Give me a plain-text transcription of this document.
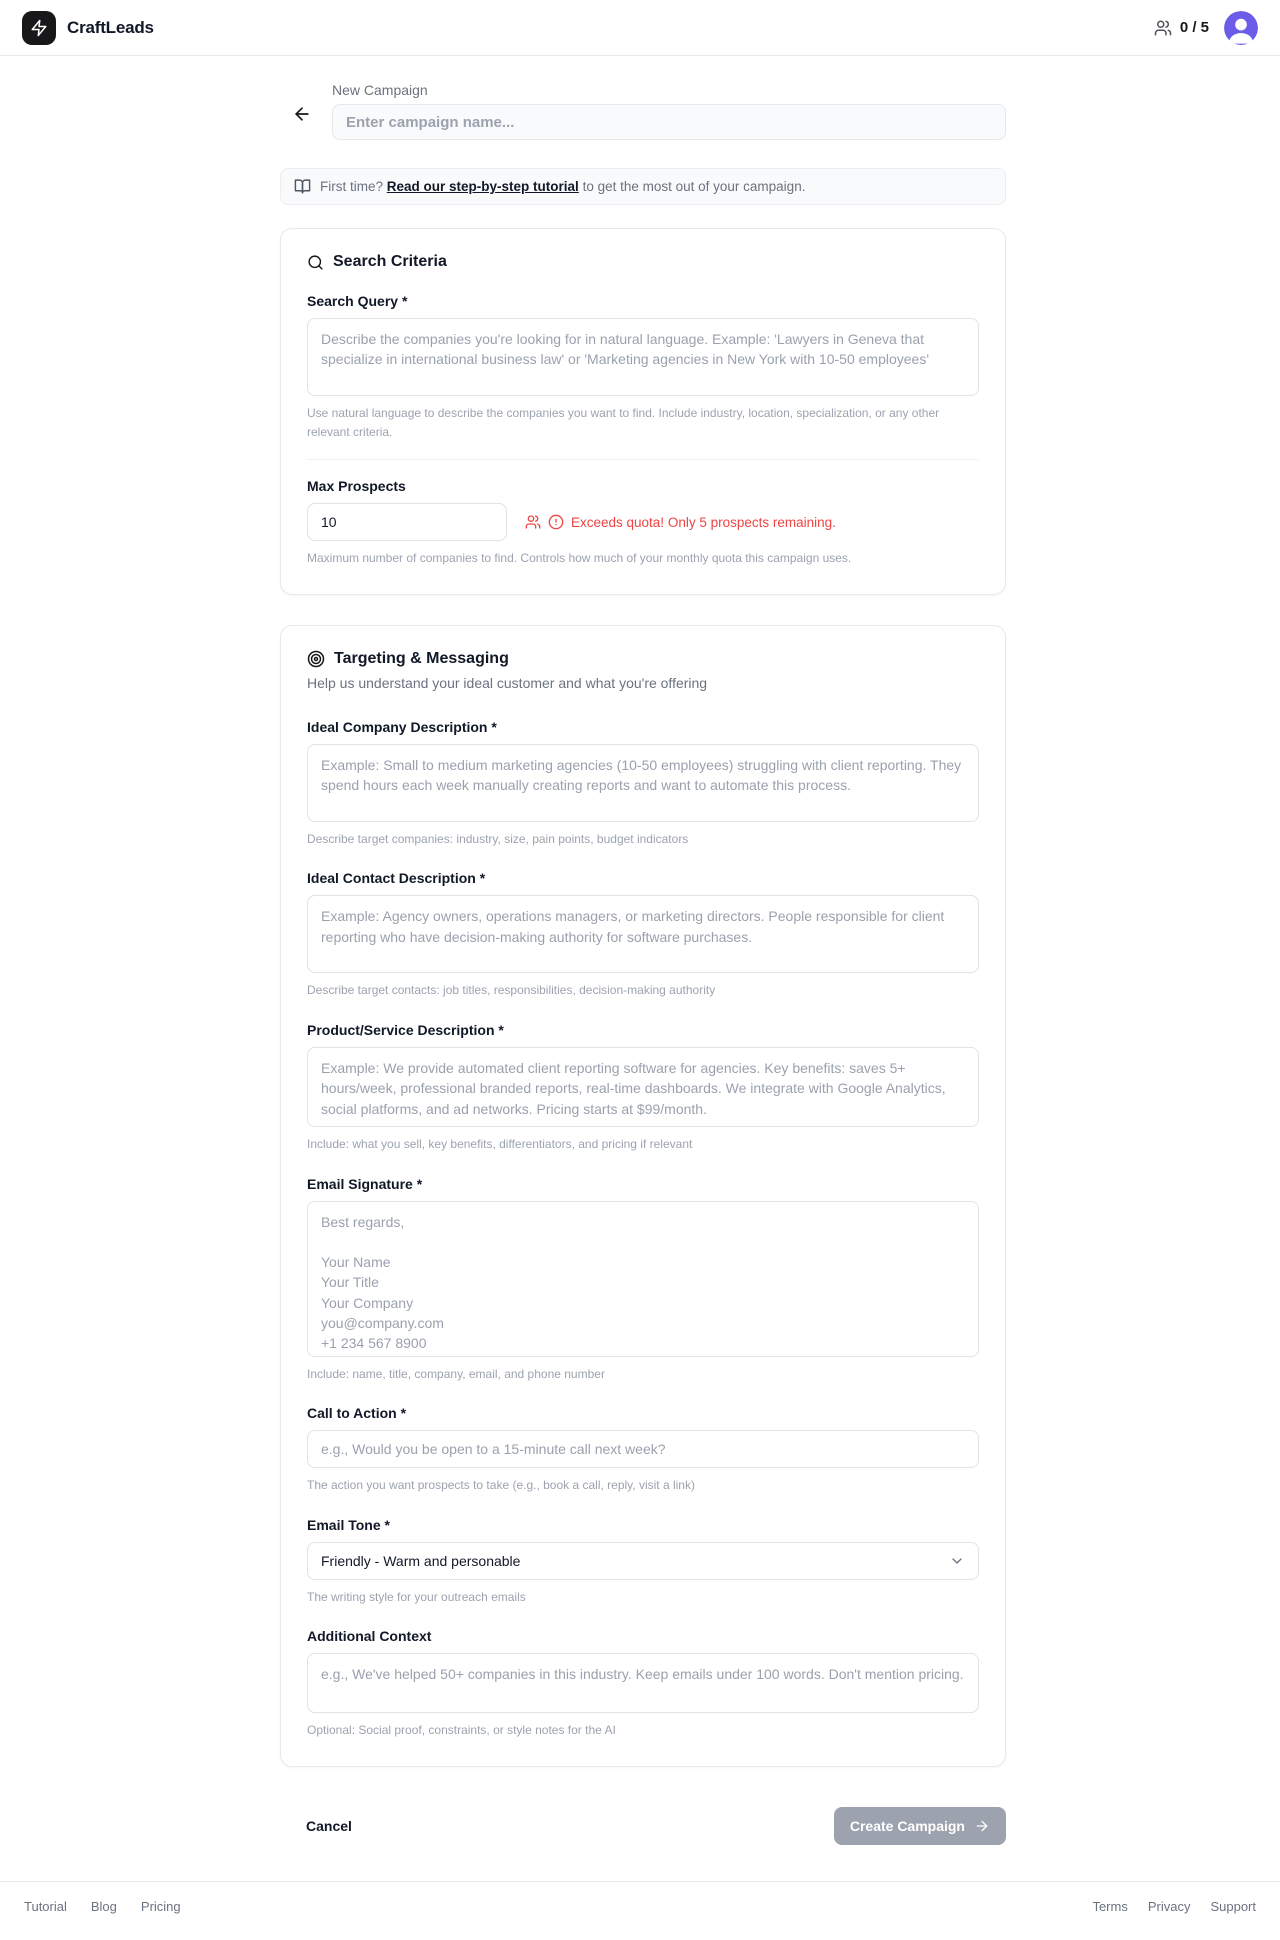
CraftLeads	0 / 5
New Campaign
Enter campaign name...
First time? Read our step-by-step tutorial to get the most out of your campaign.
Search Criteria
Search Query *
Describe the companies you're looking for in natural language. Example: 'Lawyers in Geneva that specialize in international business law' or 'Marketing agencies in New York with 10-50 employees'
Use natural language to describe the companies you want to find. Include industry, location, specialization, or any other relevant criteria.
Max Prospects
10
Exceeds quota! Only 5 prospects remaining.
Maximum number of companies to find. Controls how much of your monthly quota this campaign uses.
Targeting & Messaging
Help us understand your ideal customer and what you're offering
Ideal Company Description *
Example: Small to medium marketing agencies (10-50 employees) struggling with client reporting. They spend hours each week manually creating reports and want to automate this process.
Describe target companies: industry, size, pain points, budget indicators
Ideal Contact Description *
Example: Agency owners, operations managers, or marketing directors. People responsible for client reporting who have decision-making authority for software purchases.
Describe target contacts: job titles, responsibilities, decision-making authority
Product/Service Description *
Example: We provide automated client reporting software for agencies. Key benefits: saves 5+ hours/week, professional branded reports, real-time dashboards. We integrate with Google Analytics, social platforms, and ad networks. Pricing starts at $99/month.
Include: what you sell, key benefits, differentiators, and pricing if relevant
Email Signature *
Best regards, Your Name Your Title Your Company you@company.com +1 234 567 8900
Include: name, title, company, email, and phone number
Call to Action *
e.g., Would you be open to a 15-minute call next week?
The action you want prospects to take (e.g., book a call, reply, visit a link)
Email Tone *
Friendly - Warm and personable
The writing style for your outreach emails
Additional Context
e.g., We've helped 50+ companies in this industry. Keep emails under 100 words. Don't mention pricing.
Optional: Social proof, constraints, or style notes for the AI
Cancel	Create Campaign
Tutorial Blog Pricing	Terms Privacy Support
